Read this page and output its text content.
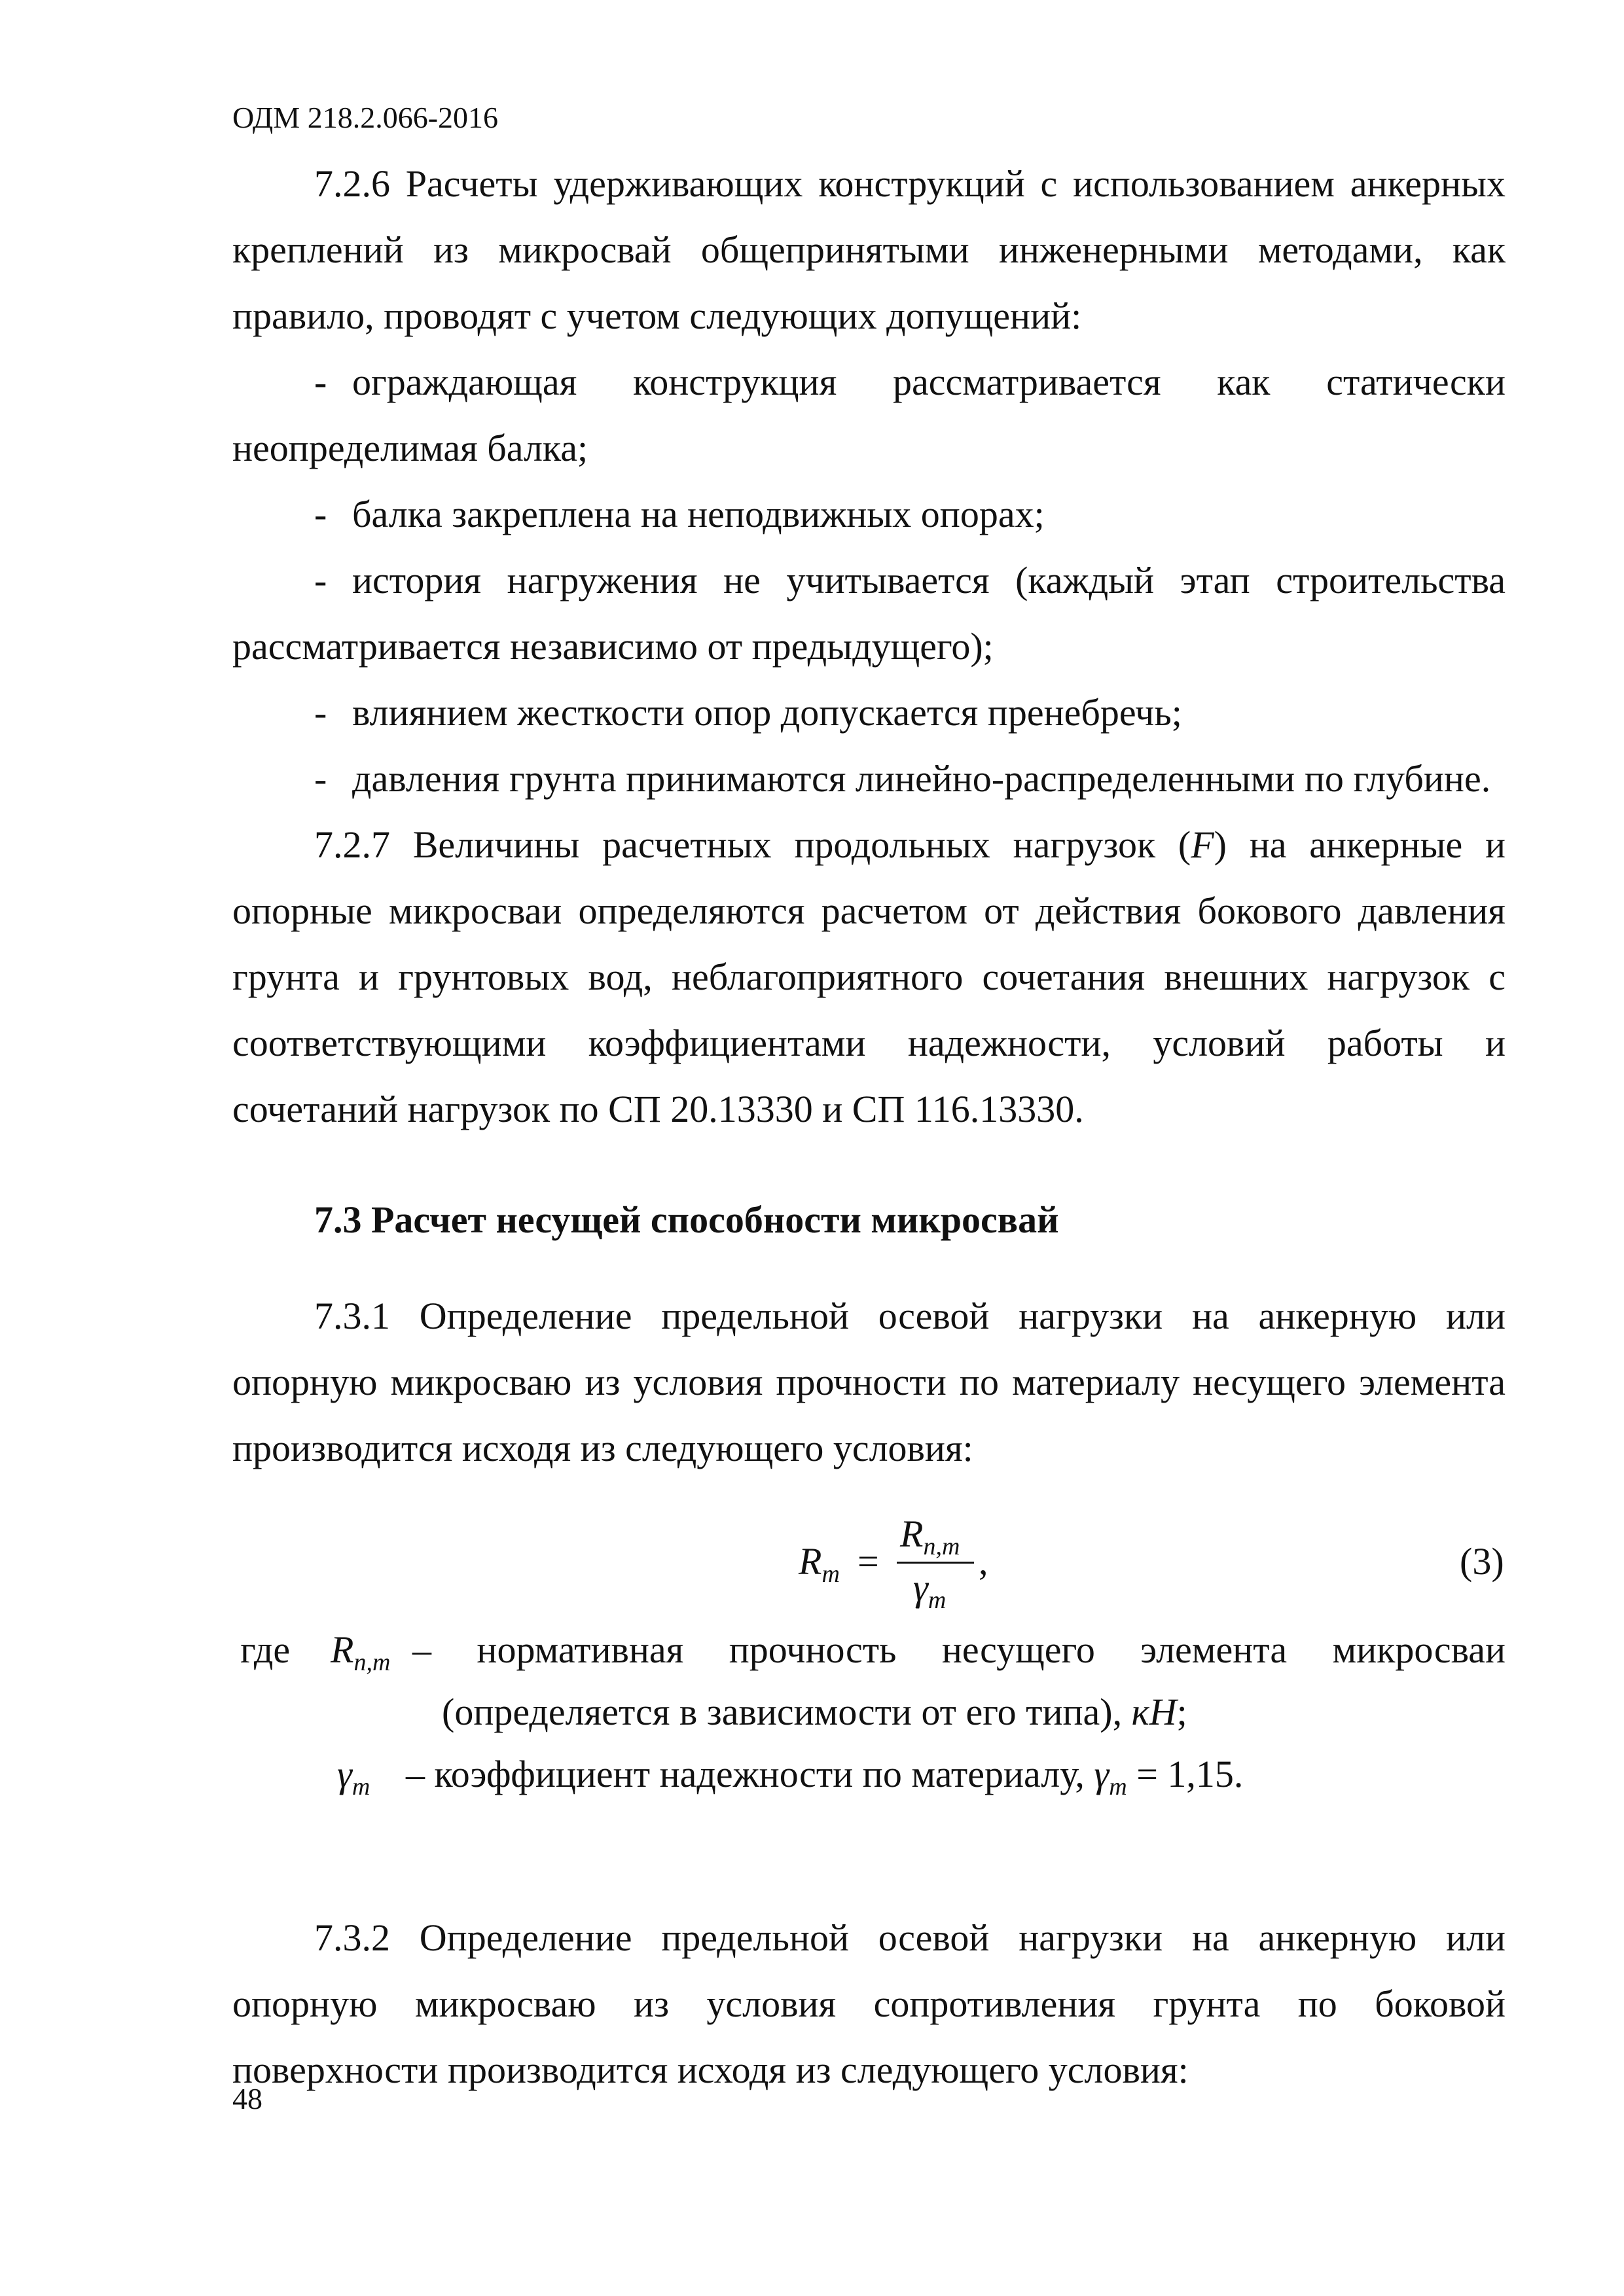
ОДМ 218.2.066-2016

7.2.6 Расчеты удерживающих конструкций с использованием анкерных

креплений из микросвай общепринятыми инженерными методами, как

правило, проводят с учетом следующих допущений:

- ограждающая конструкция рассматривается как статически

неопределимая балка;

- балка закреплена на неподвижных опорах;

- история нагружения не учитывается (каждый этап строительства

рассматривается независимо от предыдущего);

- влиянием жесткости опор допускается пренебречь;

- давления грунта принимаются линейно-распределенными по глубине.

7.2.7 Величины расчетных продольных нагрузок (F) на анкерные и

опорные микросваи определяются расчетом от действия бокового давления

грунта и грунтовых вод, неблагоприятного сочетания внешних нагрузок с

соответствующими коэффициентами надежности, условий работы и

сочетаний нагрузок по СП 20.13330 и СП 116.13330.

7.3 Расчет несущей способности микросвай

7.3.1 Определение предельной осевой нагрузки на анкерную или

опорную микросваю из условия прочности по материалу несущего элемента

производится исходя из следующего условия:

$R_m$ =
$R_{n,m}$
$\gamma_m$
,	(3)
где $R_{n,m}$ – нормативная прочность несущего элемента микросваи
(определяется в зависимости от его типа), кН;
$\gamma_m$ – коэффициент надежности по материалу, $\gamma_m = 1,15$.

7.3.2 Определение предельной осевой нагрузки на анкерную или

опорную микросваю из условия сопротивления грунта по боковой

поверхности производится исходя из следующего условия:

48
